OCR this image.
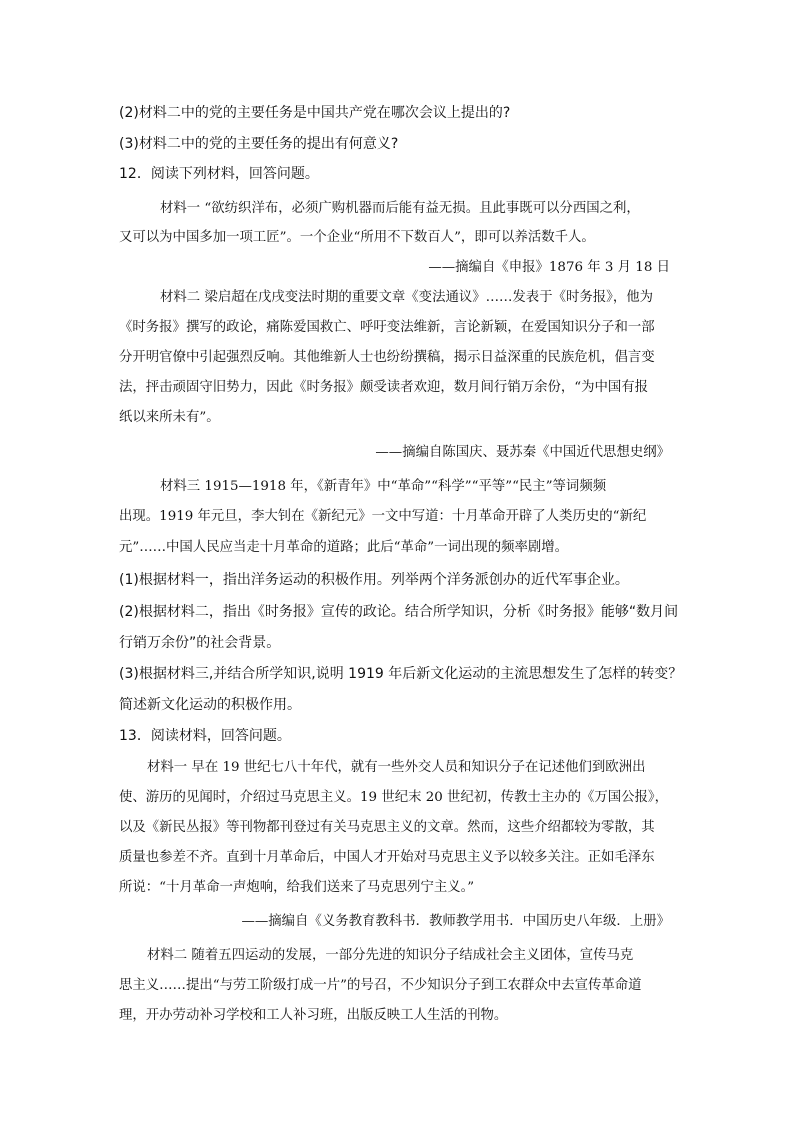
(2)材料二中的党的主要任务是中国共产党在哪次会议上提出的?
(3)材料二中的党的主要任务的提出有何意义?
12．阅读下列材料，回答问题。
材料一 “欲纺织洋布，必须广购机器而后能有益无损。且此事既可以分西国之利，
又可以为中国多加一项工匠”。一个企业“所用不下数百人”，即可以养活数千人。
——摘编自《申报》1876 年 3 月 18 日
材料二 梁启超在戊戌变法时期的重要文章《变法通议》……发表于《时务报》，他为
《时务报》撰写的政论，痛陈爱国救亡、呼吁变法维新，言论新颖，在爱国知识分子和一部
分开明官僚中引起强烈反响。其他维新人士也纷纷撰稿，揭示日益深重的民族危机，倡言变
法，抨击顽固守旧势力，因此《时务报》颇受读者欢迎，数月间行销万余份，“为中国有报
纸以来所未有”。
——摘编自陈国庆、聂苏秦《中国近代思想史纲》
材料三 1915—1918 年，《新青年》中“革命”“科学”“平等”“民主”等词频频
出现。1919 年元旦，李大钊在《新纪元》一文中写道：十月革命开辟了人类历史的“新纪
元”……中国人民应当走十月革命的道路；此后“革命”一词出现的频率剧增。
(1)根据材料一，指出洋务运动的积极作用。列举两个洋务派创办的近代军事企业。
(2)根据材料二，指出《时务报》宣传的政论。结合所学知识，分析《时务报》能够“数月间
行销万余份”的社会背景。
(3)根据材料三,并结合所学知识,说明 1919 年后新文化运动的主流思想发生了怎样的转变？
简述新文化运动的积极作用。
13．阅读材料，回答问题。
材料一 早在 19 世纪七八十年代，就有一些外交人员和知识分子在记述他们到欧洲出
使、游历的见闻时，介绍过马克思主义。19 世纪末 20 世纪初，传教士主办的《万国公报》，
以及《新民丛报》等刊物都刊登过有关马克思主义的文章。然而，这些介绍都较为零散，其
质量也参差不齐。直到十月革命后，中国人才开始对马克思主义予以较多关注。正如毛泽东
所说：“十月革命一声炮响，给我们送来了马克思列宁主义。”
——摘编自《义务教育教科书．教师教学用书．中国历史八年级．上册》
材料二 随着五四运动的发展，一部分先进的知识分子结成社会主义团体，宣传马克
思主义……提出“与劳工阶级打成一片”的号召，不少知识分子到工农群众中去宣传革命道
理，开办劳动补习学校和工人补习班，出版反映工人生活的刊物。
